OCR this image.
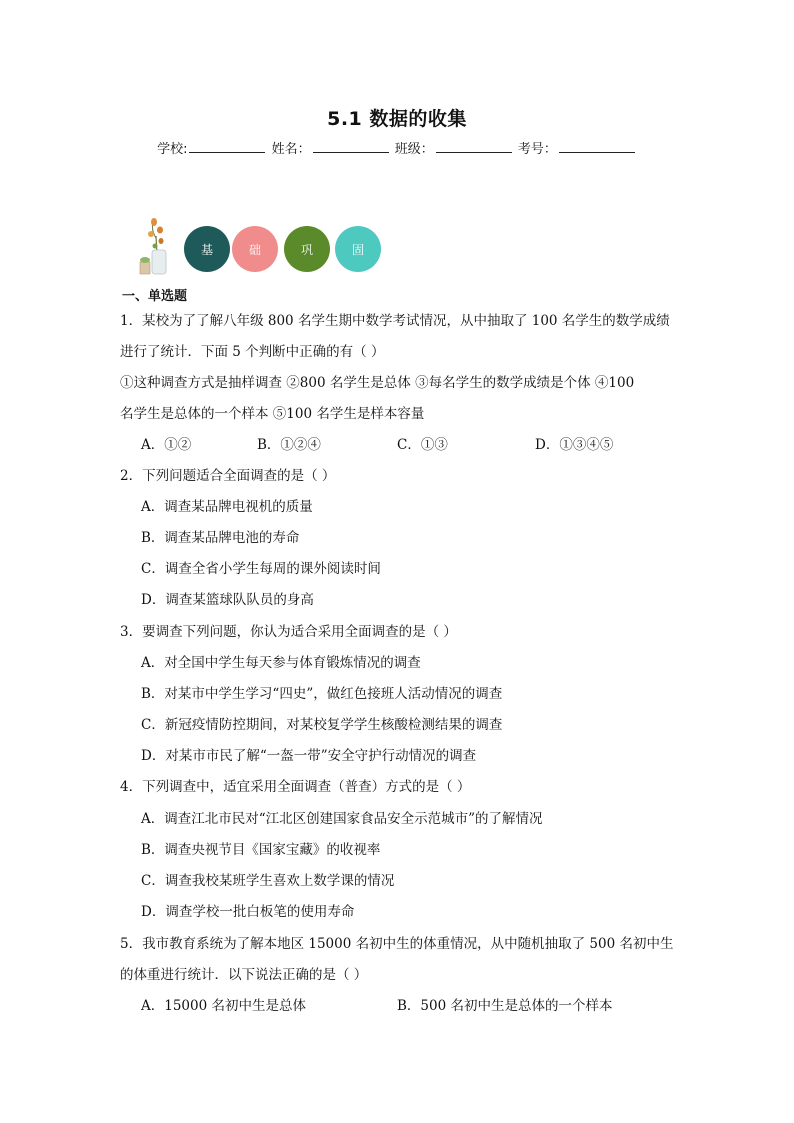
5.1 数据的收集
学校:	姓名：	班级：	考号：
基	础	巩	固
一、单选题
1．某校为了了解八年级 800 名学生期中数学考试情况，从中抽取了 100 名学生的数学成绩
进行了统计．下面 5 个判断中正确的有（ ）
①这种调查方式是抽样调查 ②800 名学生是总体 ③每名学生的数学成绩是个体 ④100
名学生是总体的一个样本 ⑤100 名学生是样本容量
A．①②	B．①②④	C．①③	D．①③④⑤
2．下列问题适合全面调查的是（ ）
A．调查某品牌电视机的质量
B．调查某品牌电池的寿命
C．调查全省小学生每周的课外阅读时间
D．调查某篮球队队员的身高
3．要调查下列问题，你认为适合采用全面调查的是（ ）
A．对全国中学生每天参与体育锻炼情况的调查
B．对某市中学生学习“四史”，做红色接班人活动情况的调查
C．新冠疫情防控期间，对某校复学学生核酸检测结果的调查
D．对某市市民了解“一盔一带”安全守护行动情况的调查
4．下列调查中，适宜采用全面调查（普查）方式的是（ ）
A．调查江北市民对“江北区创建国家食品安全示范城市”的了解情况
B．调查央视节目《国家宝藏》的收视率
C．调查我校某班学生喜欢上数学课的情况
D．调查学校一批白板笔的使用寿命
5．我市教育系统为了解本地区 15000 名初中生的体重情况，从中随机抽取了 500 名初中生
的体重进行统计．以下说法正确的是（ ）
A．15000 名初中生是总体	B．500 名初中生是总体的一个样本
